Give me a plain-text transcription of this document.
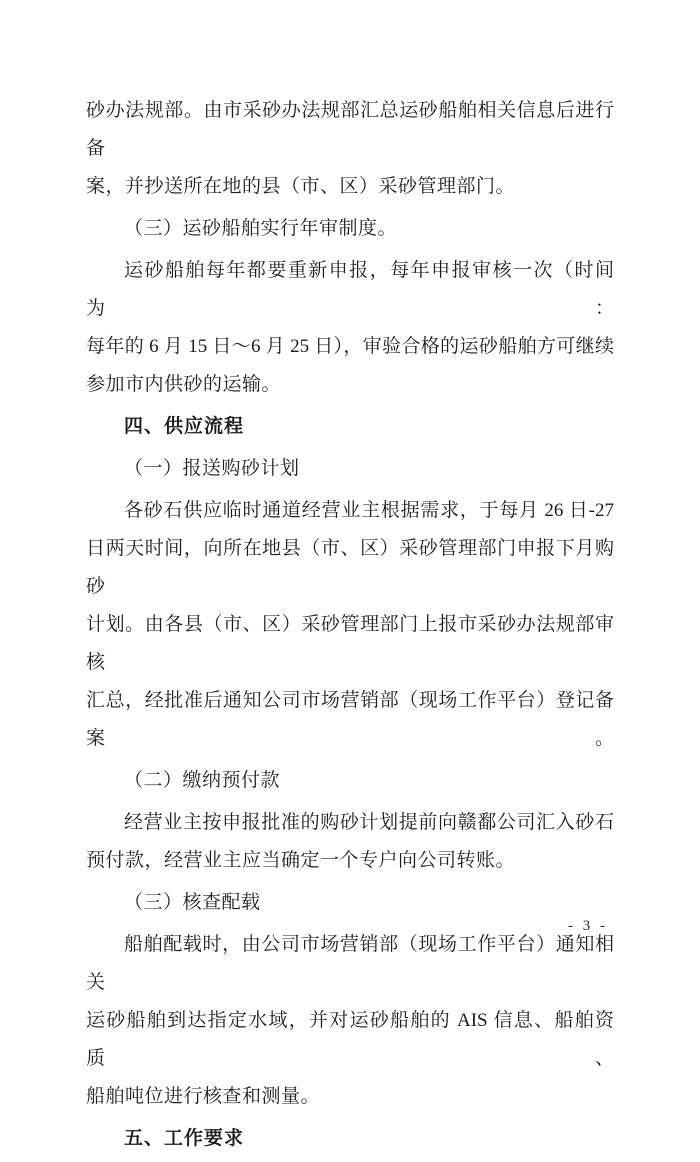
砂办法规部。由市采砂办法规部汇总运砂船舶相关信息后进行备
案，并抄送所在地的县（市、区）采砂管理部门。
（三）运砂船舶实行年审制度。
运砂船舶每年都要重新申报，每年申报审核一次（时间为：
每年的 6 月 15 日～6 月 25 日），审验合格的运砂船舶方可继续
参加市内供砂的运输。
四、供应流程
（一）报送购砂计划
各砂石供应临时通道经营业主根据需求，于每月 26 日-27
日两天时间，向所在地县（市、区）采砂管理部门申报下月购砂
计划。由各县（市、区）采砂管理部门上报市采砂办法规部审核
汇总，经批准后通知公司市场营销部（现场工作平台）登记备案。
（二）缴纳预付款
经营业主按申报批准的购砂计划提前向赣鄱公司汇入砂石
预付款，经营业主应当确定一个专户向公司转账。
（三）核查配载
船舶配载时，由公司市场营销部（现场工作平台）通知相关
运砂船舶到达指定水域，并对运砂船舶的 AIS 信息、船舶资质、
船舶吨位进行核查和测量。
五、工作要求
- 3 -
